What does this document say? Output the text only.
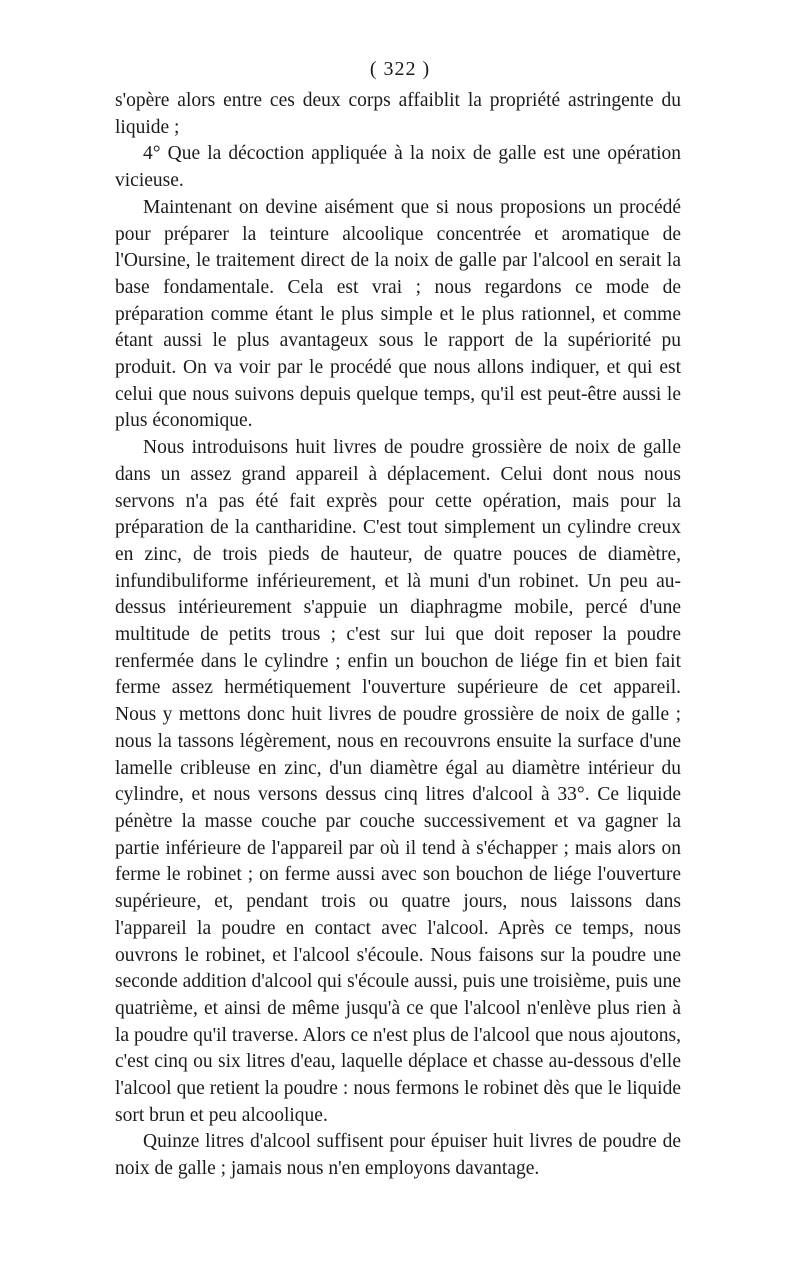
( 322 )

s'opère alors entre ces deux corps affaiblit la propriété astringente du liquide ;

4° Que la décoction appliquée à la noix de galle est une opération vicieuse.

Maintenant on devine aisément que si nous proposions un procédé pour préparer la teinture alcoolique concentrée et aromatique de l'Oursine, le traitement direct de la noix de galle par l'alcool en serait la base fondamentale. Cela est vrai ; nous regardons ce mode de préparation comme étant le plus simple et le plus rationnel, et comme étant aussi le plus avantageux sous le rapport de la supériorité pu produit. On va voir par le procédé que nous allons indiquer, et qui est celui que nous suivons depuis quelque temps, qu'il est peut-être aussi le plus économique.

Nous introduisons huit livres de poudre grossière de noix de galle dans un assez grand appareil à déplacement. Celui dont nous nous servons n'a pas été fait exprès pour cette opération, mais pour la préparation de la cantharidine. C'est tout simplement un cylindre creux en zinc, de trois pieds de hauteur, de quatre pouces de diamètre, infundibuliforme inférieurement, et là muni d'un robinet. Un peu au-dessus intérieurement s'appuie un diaphragme mobile, percé d'une multitude de petits trous ; c'est sur lui que doit reposer la poudre renfermée dans le cylindre ; enfin un bouchon de liége fin et bien fait ferme assez hermétiquement l'ouverture supérieure de cet appareil. Nous y mettons donc huit livres de poudre grossière de noix de galle ; nous la tassons légèrement, nous en recouvrons ensuite la surface d'une lamelle cribleuse en zinc, d'un diamètre égal au diamètre intérieur du cylindre, et nous versons dessus cinq litres d'alcool à 33°. Ce liquide pénètre la masse couche par couche successivement et va gagner la partie inférieure de l'appareil par où il tend à s'échapper ; mais alors on ferme le robinet ; on ferme aussi avec son bouchon de liége l'ouverture supérieure, et, pendant trois ou quatre jours, nous laissons dans l'appareil la poudre en contact avec l'alcool. Après ce temps, nous ouvrons le robinet, et l'alcool s'écoule. Nous faisons sur la poudre une seconde addition d'alcool qui s'écoule aussi, puis une troisième, puis une quatrième, et ainsi de même jusqu'à ce que l'alcool n'enlève plus rien à la poudre qu'il traverse. Alors ce n'est plus de l'alcool que nous ajoutons, c'est cinq ou six litres d'eau, laquelle déplace et chasse au-dessous d'elle l'alcool que retient la poudre : nous fermons le robinet dès que le liquide sort brun et peu alcoolique.

Quinze litres d'alcool suffisent pour épuiser huit livres de poudre de noix de galle ; jamais nous n'en employons davantage.
